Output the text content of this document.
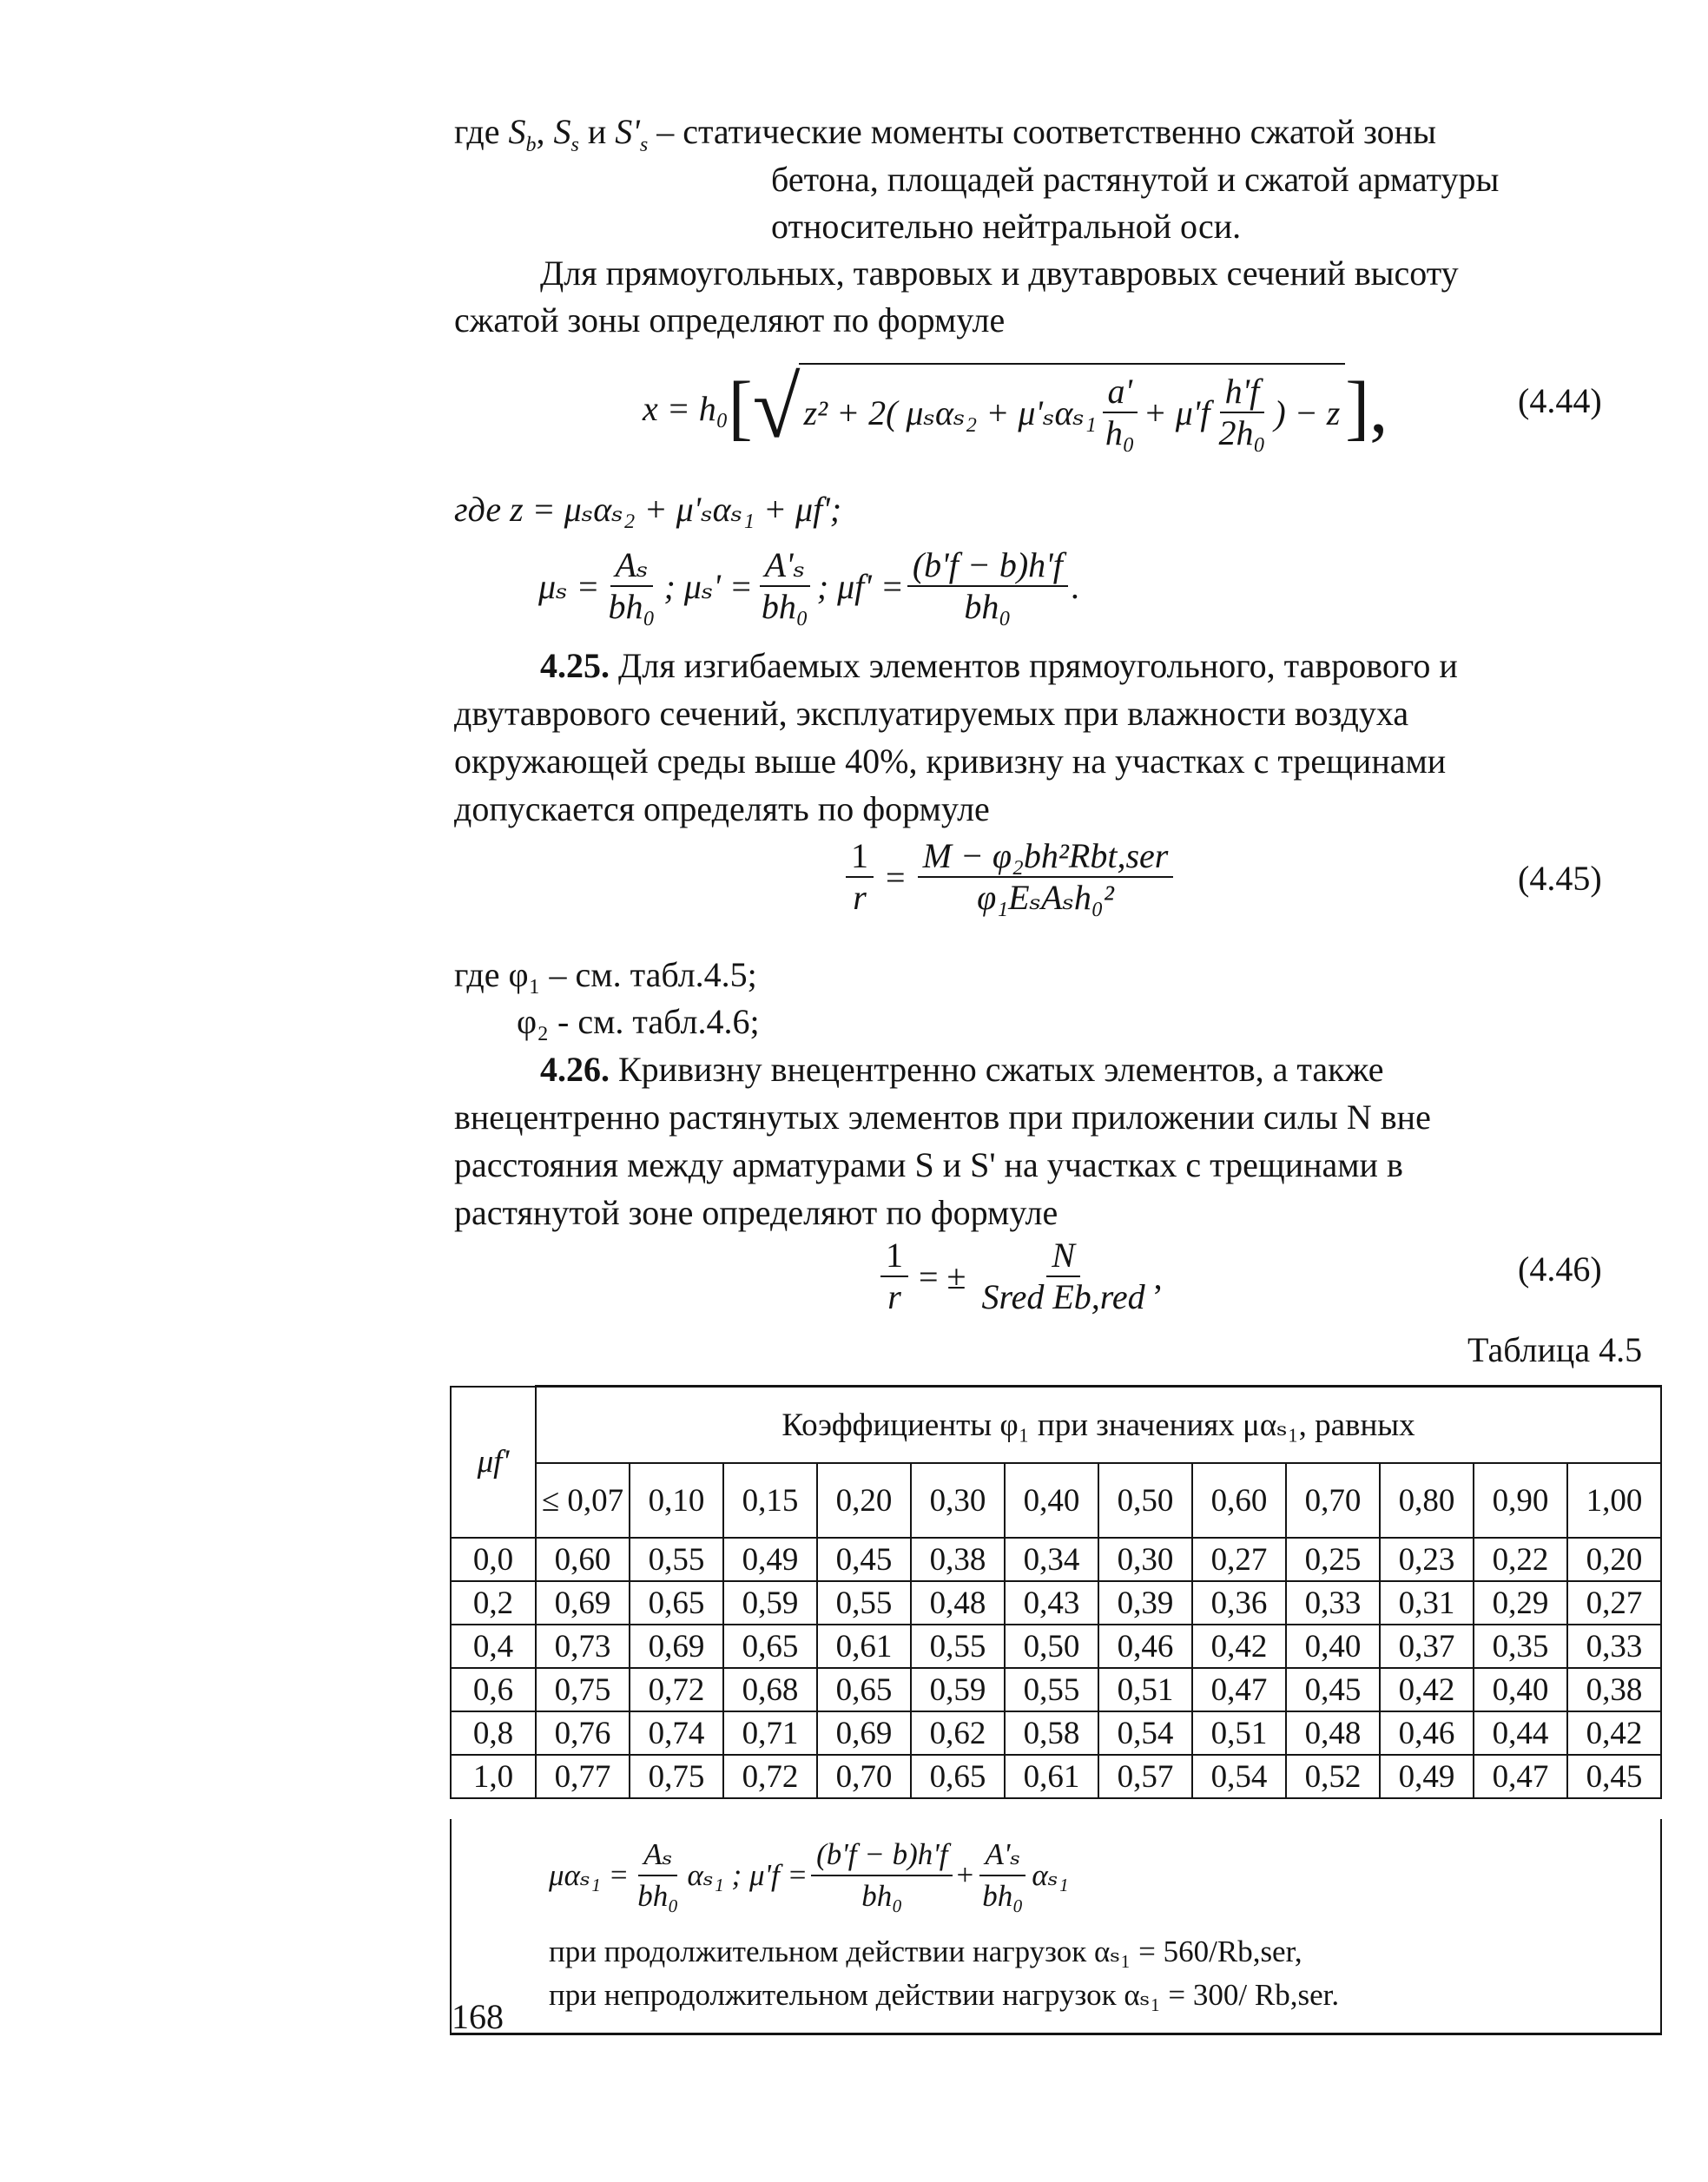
где $S_b$, $S_s$ и $S'_s$ – статические моменты соответственно сжатой зоны
бетона, площадей растянутой и сжатой арматуры
относительно нейтральной оси.
Для прямоугольных, тавровых и двутавровых сечений высоту
сжатой зоны определяют по формуле
x = h₀ [ √ z² + 2( $\mu_s\alpha_{s2} + \mu'_s\alpha_{s1} \frac{a'}{\text{h₀}} + \mu'f \frac{h'f}{\text{2h₀}}$ ) − z ],	(4.44)
где z = μₛαₛ₂ + μ'ₛαₛ₁ + μf';
$\mu_s = \frac{\text{Aₛ}}{\text{bh₀}}$ ; $\mu_s' = \frac{\text{A'ₛ}}{\text{bh₀}}$ ; $\mu f' = \frac{(b'f - b)h'f}{\text{bh₀}}$ .
4.25. Для изгибаемых элементов прямоугольного, таврового и
двутаврового сечений, эксплуатируемых при влажности воздуха
окружающей среды выше 40%, кривизну на участках с трещинами
допускается определять по формуле
$\frac{1}{r} = \frac{\text{M − φ₂bh²Rbt,ser}}{\text{φ₁EₛAₛh₀²}}$	(4.45)
где φ₁ – см. табл.4.5;
φ₂ - см. табл.4.6;
4.26. Кривизну внецентренно сжатых элементов, а также
внецентренно растянутых элементов при приложении силы N вне
расстояния между арматурами S и S' на участках с трещинами в
растянутой зоне определяют по формуле
$\frac{1}{r}$ = ± $\frac{N}{\text{Sred Eb,red}}$ ,	(4.46)
Таблица 4.5
μf'	Коэффициенты φ₁ при значениях μαₛ₁, равных											
	≤ 0,07	0,10	0,15	0,20	0,30	0,40	0,50	0,60	0,70	0,80	0,90	1,00
0,0	0,60	0,55	0,49	0,45	0,38	0,34	0,30	0,27	0,25	0,23	0,22	0,20
0,2	0,69	0,65	0,59	0,55	0,48	0,43	0,39	0,36	0,33	0,31	0,29	0,27
0,4	0,73	0,69	0,65	0,61	0,55	0,50	0,46	0,42	0,40	0,37	0,35	0,33
0,6	0,75	0,72	0,68	0,65	0,59	0,55	0,51	0,47	0,45	0,42	0,40	0,38
0,8	0,76	0,74	0,71	0,69	0,62	0,58	0,54	0,51	0,48	0,46	0,44	0,42
1,0	0,77	0,75	0,72	0,70	0,65	0,61	0,57	0,54	0,52	0,49	0,47	0,45
$\mu\alpha_{s1} = \frac{\text{Aₛ}}{\text{bh₀}} \alpha_{s1}$ ; $\mu'f = \frac{(b'f - b)h'f}{\text{bh₀}} + \frac{\text{A'ₛ}}{\text{bh₀}} \alpha_{s1}$
при продолжительном действии нагрузок αₛ₁ = 560/Rb,ser,
при непродолжительном действии нагрузок αₛ₁ = 300/ Rb,ser.
168
